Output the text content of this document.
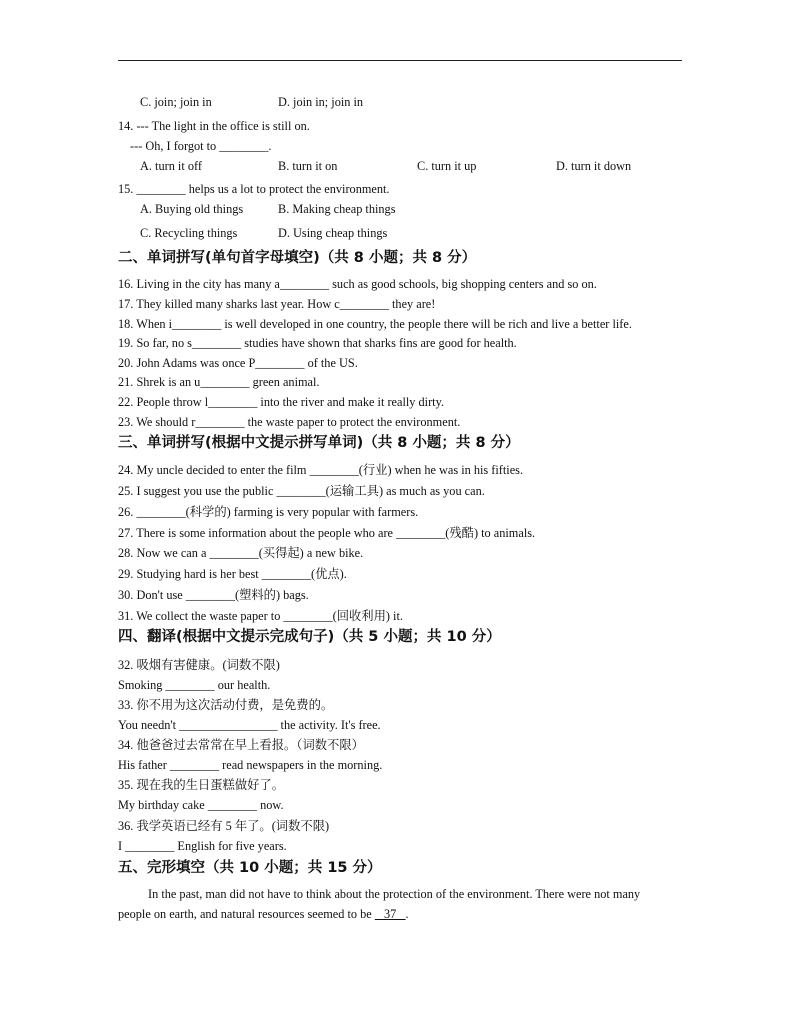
C. join; join in	D. join in; join in
14. --- The light in the office is still on.
--- Oh, I forgot to ________.
A. turn it off	B. turn it on	C. turn it up	D. turn it down
15. ________ helps us a lot to protect the environment.
A. Buying old things	B. Making cheap things
C. Recycling things	D. Using cheap things
二、单词拼写(单句首字母填空)（共 8 小题；共 8 分）
16. Living in the city has many a________ such as good schools, big shopping centers and so on.
17. They killed many sharks last year. How c________ they are!
18. When i________ is well developed in one country, the people there will be rich and live a better life.
19. So far, no s________ studies have shown that sharks fins are good for health.
20. John Adams was once P________ of the US.
21. Shrek is an u________ green animal.
22. People throw l________ into the river and make it really dirty.
23. We should r________ the waste paper to protect the environment.
三、单词拼写(根据中文提示拼写单词)（共 8 小题；共 8 分）
24. My uncle decided to enter the film ________(行业) when he was in his fifties.
25. I suggest you use the public ________(运输工具) as much as you can.
26. ________(科学的) farming is very popular with farmers.
27. There is some information about the people who are ________(残酷) to animals.
28. Now we can a ________(买得起) a new bike.
29. Studying hard is her best ________(优点).
30. Don't use ________(塑料的) bags.
31. We collect the waste paper to ________(回收利用) it.
四、翻译(根据中文提示完成句子)（共 5 小题；共 10 分）
32. 吸烟有害健康。(词数不限)
Smoking ________ our health.
33. 你不用为这次活动付费，是免费的。
You needn't ________________ the activity. It's free.
34. 他爸爸过去常常在早上看报。（词数不限）
His father ________ read newspapers in the morning.
35. 现在我的生日蛋糕做好了。
My birthday cake ________ now.
36. 我学英语已经有 5 年了。(词数不限)
I ________ English for five years.
五、完形填空（共 10 小题；共 15 分）
In the past, man did not have to think about the protection of the environment. There were not many
people on earth, and natural resources seemed to be    37   .
